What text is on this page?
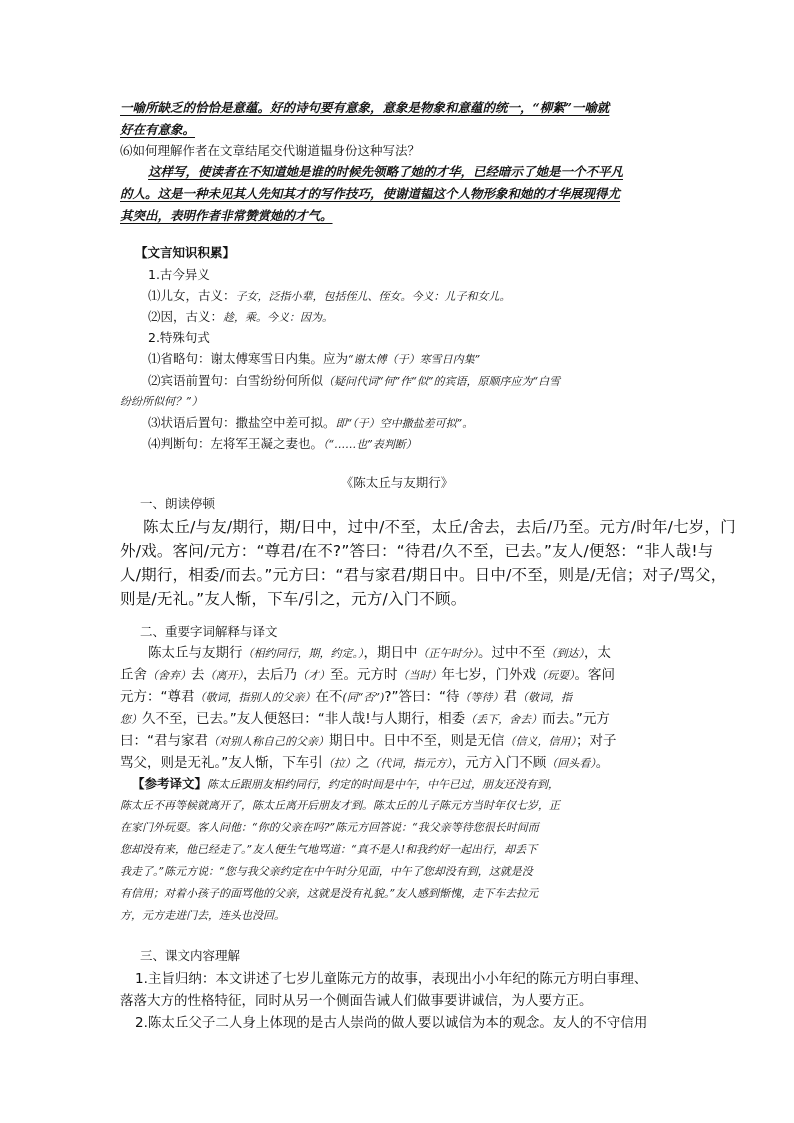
一喻所缺乏的恰恰是意蕴。好的诗句要有意象，意象是物象和意蕴的统一，“柳絮”一喻就
好在有意象。
⑹如何理解作者在文章结尾交代谢道韫身份这种写法？
这样写，使读者在不知道她是谁的时候先领略了她的才华，已经暗示了她是一个不平凡
的人。这是一种未见其人先知其才的写作技巧，使谢道韫这个人物形象和她的才华展现得尤
其突出，表明作者非常赞赏她的才气。
【文言知识积累】
1.古今异义
⑴儿女，古义：子女，泛指小辈，包括侄儿、侄女。今义：儿子和女儿。
⑵因，古义：趁，乘。今义：因为。
2.特殊句式
⑴省略句：谢太傅寒雪日内集。应为“谢太傅（于）寒雪日内集”
⑵宾语前置句：白雪纷纷何所似（疑问代词“何”作“似”的宾语，原顺序应为“白雪
纷纷所似何？”）
⑶状语后置句：撒盐空中差可拟。即“（于）空中撒盐差可拟”。
⑷判断句：左将军王凝之妻也。（“……也”表判断）
《陈太丘与友期行》
一、朗读停顿
陈太丘/与友/期行，期/日中，过中/不至，太丘/舍去，去后/乃至。元方/时年/七岁，门
外/戏。客问/元方：“尊君/在不?”答曰：“待君/久不至，已去。”友人/便怒：“非人哉!与
人/期行，相委/而去。”元方曰：“君与家君/期日中。日中/不至，则是/无信；对子/骂父，
则是/无礼。”友人惭，下车/引之，元方/入门不顾。
二、重要字词解释与译文
陈太丘与友期行（相约同行，期，约定。），期日中（正午时分）。过中不至（到达），太
丘舍（舍弃）去（离开），去后乃（才）至。元方时（当时）年七岁，门外戏（玩耍）。客问
元方：“尊君（敬词，指别人的父亲）在不(同“否”)?”答曰：“待（等待）君（敬词，指
您）久不至，已去。”友人便怒曰：“非人哉!与人期行，相委（丢下，舍去）而去。”元方
曰：“君与家君（对别人称自己的父亲）期日中。日中不至，则是无信（信义，信用）；对子
骂父，则是无礼。”友人惭，下车引（拉）之（代词，指元方），元方入门不顾（回头看）。
【参考译文】陈太丘跟朋友相约同行，约定的时间是中午，中午已过，朋友还没有到，
陈太丘不再等候就离开了，陈太丘离开后朋友才到。陈太丘的儿子陈元方当时年仅七岁，正
在家门外玩耍。客人问他：“你的父亲在吗?”陈元方回答说：“我父亲等待您很长时间而
您却没有来，他已经走了。”友人便生气地骂道：“真不是人!和我约好一起出行，却丢下
我走了。”陈元方说：“您与我父亲约定在中午时分见面，中午了您却没有到，这就是没
有信用；对着小孩子的面骂他的父亲，这就是没有礼貌。”友人感到惭愧，走下车去拉元
方，元方走进门去，连头也没回。
三、课文内容理解
1.主旨归纳：本文讲述了七岁儿童陈元方的故事，表现出小小年纪的陈元方明白事理、
落落大方的性格特征，同时从另一个侧面告诫人们做事要讲诚信，为人要方正。
2.陈太丘父子二人身上体现的是古人崇尚的做人要以诚信为本的观念。友人的不守信用
